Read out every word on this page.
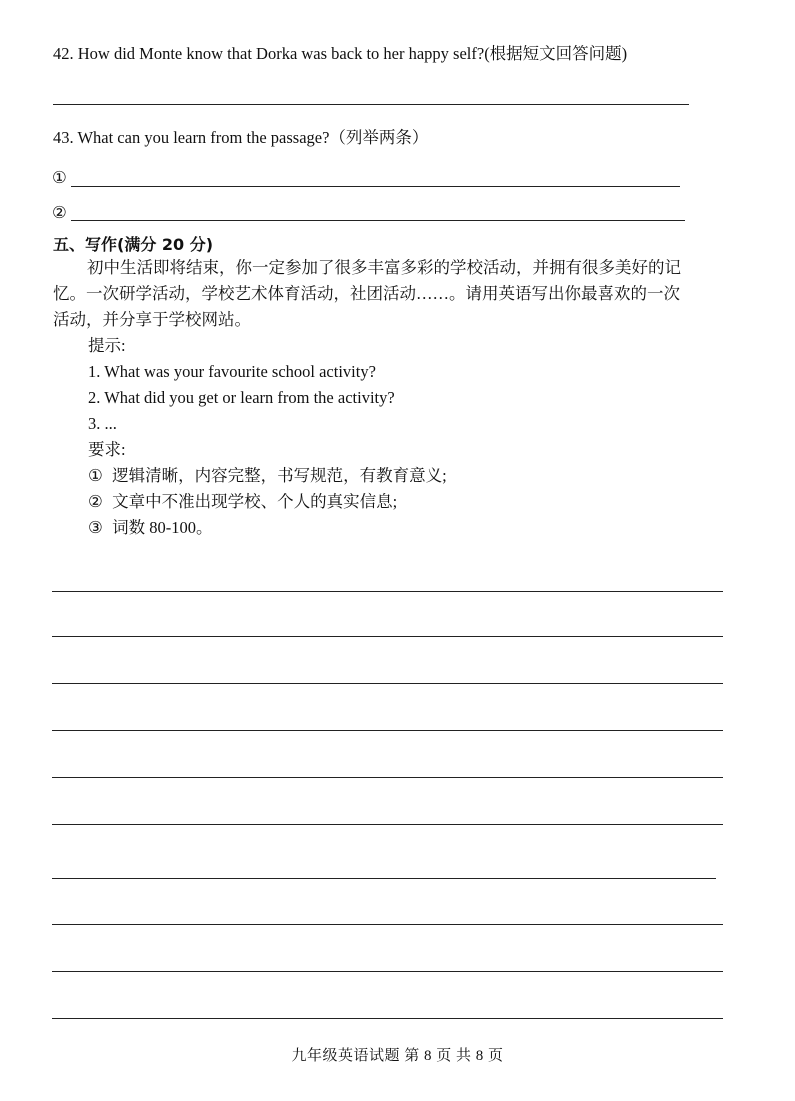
42. How did Monte know that Dorka was back to her happy self?(根据短文回答问题)
43. What can you learn from the passage?（列举两条）
①
②
五、写作(满分 20 分)
初中生活即将结束，你一定参加了很多丰富多彩的学校活动，并拥有很多美好的记
忆。一次研学活动，学校艺术体育活动，社团活动……。请用英语写出你最喜欢的一次
活动，并分享于学校网站。
提示:
1. What was your favourite school activity?
2. What did you get or learn from the activity?
3. ...
要求:
① 逻辑清晰，内容完整，书写规范，有教育意义;
② 文章中不准出现学校、个人的真实信息;
③ 词数 80-100。
九年级英语试题 第 8 页 共 8 页
